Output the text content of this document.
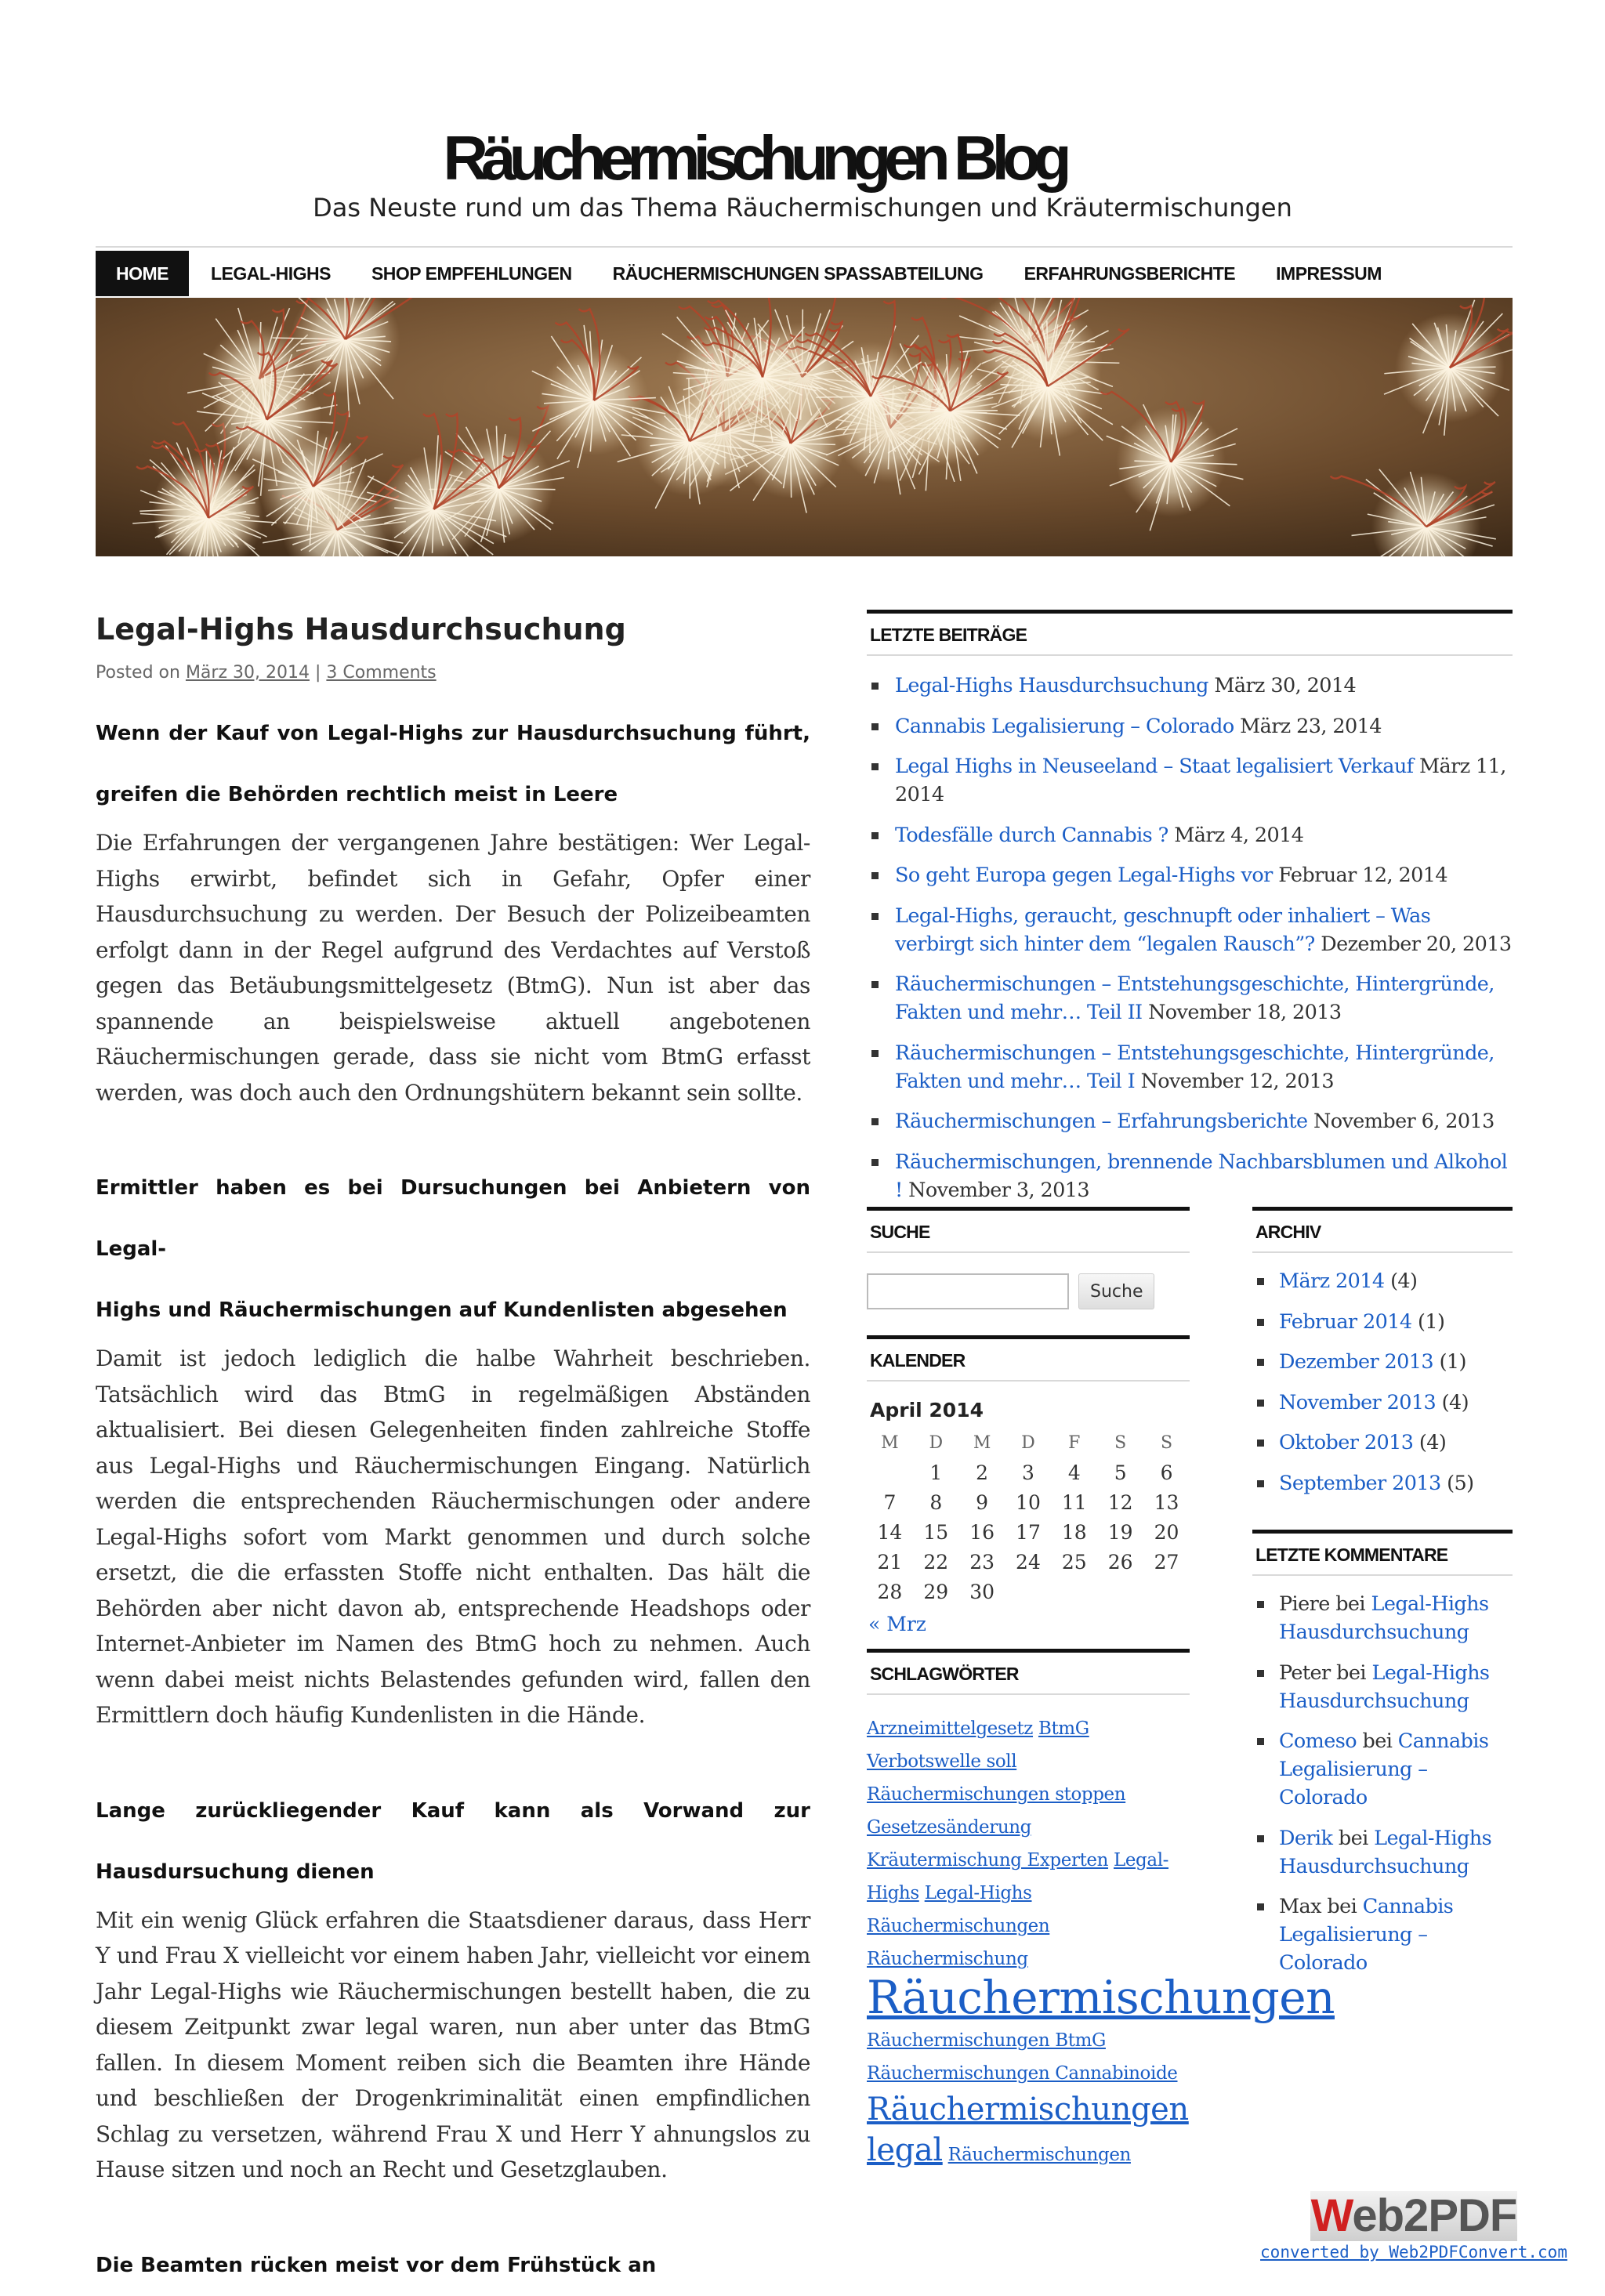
Räuchermischungen Blog
Das Neuste rund um das Thema Räuchermischungen und Kräutermischungen
HOME	LEGAL-HIGHS	SHOP EMPFEHLUNGEN	RÄUCHERMISCHUNGEN SPASSABTEILUNG	ERFAHRUNGSBERICHTE	IMPRESSUM
Legal-Highs Hausdurchsuchung
Posted on März 30, 2014 | 3 Comments

Wenn der Kauf von Legal-Highs zur Hausdurchsuchung führt,

greifen die Behörden rechtlich meist in Leere

Die Erfahrungen der vergangenen Jahre bestätigen: Wer Legal-Highs erwirbt, befindet sich in Gefahr, Opfer einer Hausdurchsuchung zu werden. Der Besuch der Polizeibeamten erfolgt dann in der Regel aufgrund des Verdachtes auf Verstoß gegen das Betäubungsmittelgesetz (BtmG). Nun ist aber das spannende an beispielsweise aktuell angebotenen Räuchermischungen gerade, dass sie nicht vom BtmG erfasst werden, was doch auch den Ordnungshütern bekannt sein sollte.

Ermittler haben es bei Dursuchungen bei Anbietern von Legal-

Highs und Räuchermischungen auf Kundenlisten abgesehen

Damit ist jedoch lediglich die halbe Wahrheit beschrieben. Tatsächlich wird das BtmG in regelmäßigen Abständen aktualisiert. Bei diesen Gelegenheiten finden zahlreiche Stoffe aus Legal-Highs und Räuchermischungen Eingang. Natürlich werden die entsprechenden Räuchermischungen oder andere Legal-Highs sofort vom Markt genommen und durch solche ersetzt, die die erfassten Stoffe nicht enthalten. Das hält die Behörden aber nicht davon ab, entsprechende Headshops oder Internet-Anbieter im Namen des BtmG hoch zu nehmen. Auch wenn dabei meist nichts Belastendes gefunden wird, fallen den Ermittlern doch häufig Kundenlisten in die Hände.

Lange zurückliegender Kauf kann als Vorwand zur

Hausdursuchung dienen

Mit ein wenig Glück erfahren die Staatsdiener daraus, dass Herr Y und Frau X vielleicht vor einem haben Jahr, vielleicht vor einem Jahr Legal-Highs wie Räuchermischungen bestellt haben, die zu diesem Zeitpunkt zwar legal waren, nun aber unter das BtmG fallen. In diesem Moment reiben sich die Beamten ihre Hände und beschließen der Drogenkriminalität einen empfindlichen Schlag zu versetzen, während Frau X und Herr Y ahnungslos zu Hause sitzen und noch an Recht und Gesetzglauben.

Die Beamten rücken meist vor dem Frühstück an

LETZTE BEITRÄGE
Legal-Highs Hausdurchsuchung März 30, 2014
Cannabis Legalisierung – Colorado März 23, 2014
Legal Highs in Neuseeland – Staat legalisiert Verkauf März 11, 2014
Todesfälle durch Cannabis ? März 4, 2014
So geht Europa gegen Legal-Highs vor Februar 12, 2014
Legal-Highs, geraucht, geschnupft oder inhaliert – Was verbirgt sich hinter dem “legalen Rausch”? Dezember 20, 2013
Räuchermischungen – Entstehungsgeschichte, Hintergründe, Fakten und mehr… Teil II November 18, 2013
Räuchermischungen – Entstehungsgeschichte, Hintergründe, Fakten und mehr… Teil I November 12, 2013
Räuchermischungen – Erfahrungsberichte November 6, 2013
Räuchermischungen, brennende Nachbarsblumen und Alkohol ! November 3, 2013
SUCHE
Suche
KALENDER
April 2014
M	D	M	D	F	S	S
	1	2	3	4	5	6
7	8	9	10	11	12	13
14	15	16	17	18	19	20
21	22	23	24	25	26	27
28	29	30				
« Mrz
SCHLAGWÖRTER
Arzneimittelgesetz BtmG Verbotswelle soll Räuchermischungen stoppen Gesetzesänderung Kräutermischung Experten Legal-Highs Legal-Highs Räuchermischungen Räuchermischung Räuchermischungen Räuchermischungen BtmG Räuchermischungen Cannabinoide Räuchermischungen legal Räuchermischungen
ARCHIV
März 2014 (4)
Februar 2014 (1)
Dezember 2013 (1)
November 2013 (4)
Oktober 2013 (4)
September 2013 (5)
LETZTE KOMMENTARE
Piere bei Legal-Highs Hausdurchsuchung
Peter bei Legal-Highs Hausdurchsuchung
Comeso bei Cannabis Legalisierung – Colorado
Derik bei Legal-Highs Hausdurchsuchung
Max bei Cannabis Legalisierung – Colorado
Web2PDF
converted by Web2PDFConvert.com
